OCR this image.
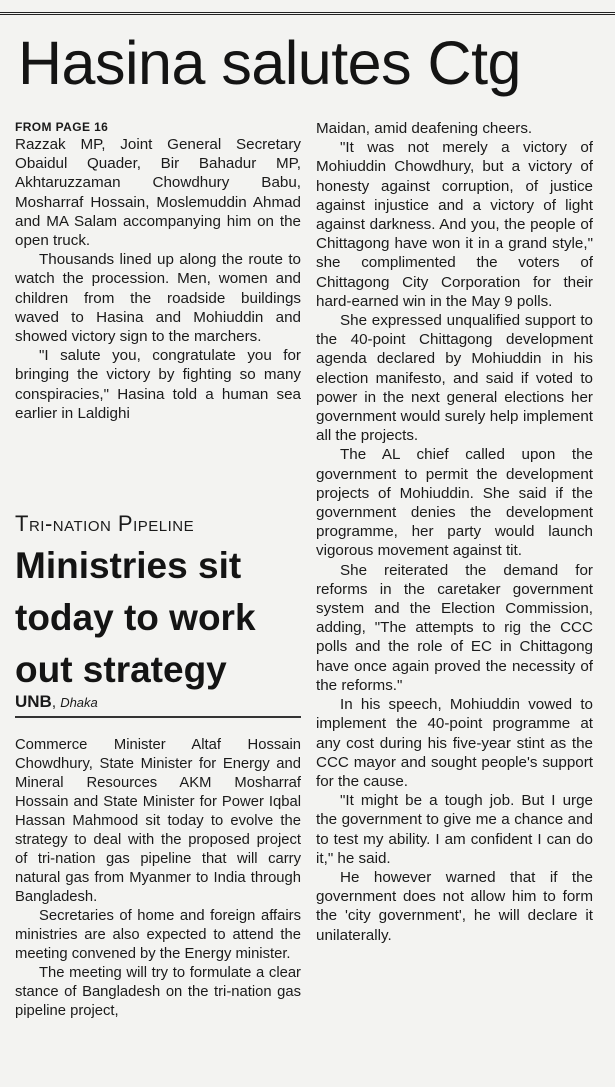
Hasina salutes Ctg
FROM PAGE 16

Razzak MP, Joint General Secretary Obaidul Quader, Bir Bahadur MP, Akhtaruzzaman Chowdhury Babu, Mosharraf Hossain, Moslemuddin Ahmad and MA Salam accompanying him on the open truck.

Thousands lined up along the route to watch the procession. Men, women and children from the roadside buildings waved to Hasina and Mohiuddin and showed victory sign to the marchers.

"I salute you, congratulate you for bringing the victory by fighting so many conspiracies," Hasina told a human sea earlier in Laldighi

Maidan, amid deafening cheers.

"It was not merely a victory of Mohiuddin Chowdhury, but a victory of honesty against corruption, of justice against injustice and a victory of light against darkness. And you, the people of Chittagong have won it in a grand style," she complimented the voters of Chittagong City Corporation for their hard-earned win in the May 9 polls.

She expressed unqualified support to the 40-point Chittagong development agenda declared by Mohiuddin in his election manifesto, and said if voted to power in the next general elections her government would surely help implement all the projects.

The AL chief called upon the government to permit the development projects of Mohiuddin. She said if the government denies the development programme, her party would launch vigorous movement against tit.

She reiterated the demand for reforms in the caretaker government system and the Election Commission, adding, "The attempts to rig the CCC polls and the role of EC in Chittagong have once again proved the necessity of the reforms."

In his speech, Mohiuddin vowed to implement the 40-point programme at any cost during his five-year stint as the CCC mayor and sought people's support for the cause.

"It might be a tough job. But I urge the government to give me a chance and to test my ability. I am confident I can do it," he said.

He however warned that if the government does not allow him to form the 'city government', he will declare it unilaterally.

Tri-nation Pipeline
Ministries sit today to work out strategy
UNB, Dhaka

Commerce Minister Altaf Hossain Chowdhury, State Minister for Energy and Mineral Resources AKM Mosharraf Hossain and State Minister for Power Iqbal Hassan Mahmood sit today to evolve the strategy to deal with the proposed project of tri-nation gas pipeline that will carry natural gas from Myanmer to India through Bangladesh.

Secretaries of home and foreign affairs ministries are also expected to attend the meeting convened by the Energy minister.

The meeting will try to formulate a clear stance of Bangladesh on the tri-nation gas pipeline project,
